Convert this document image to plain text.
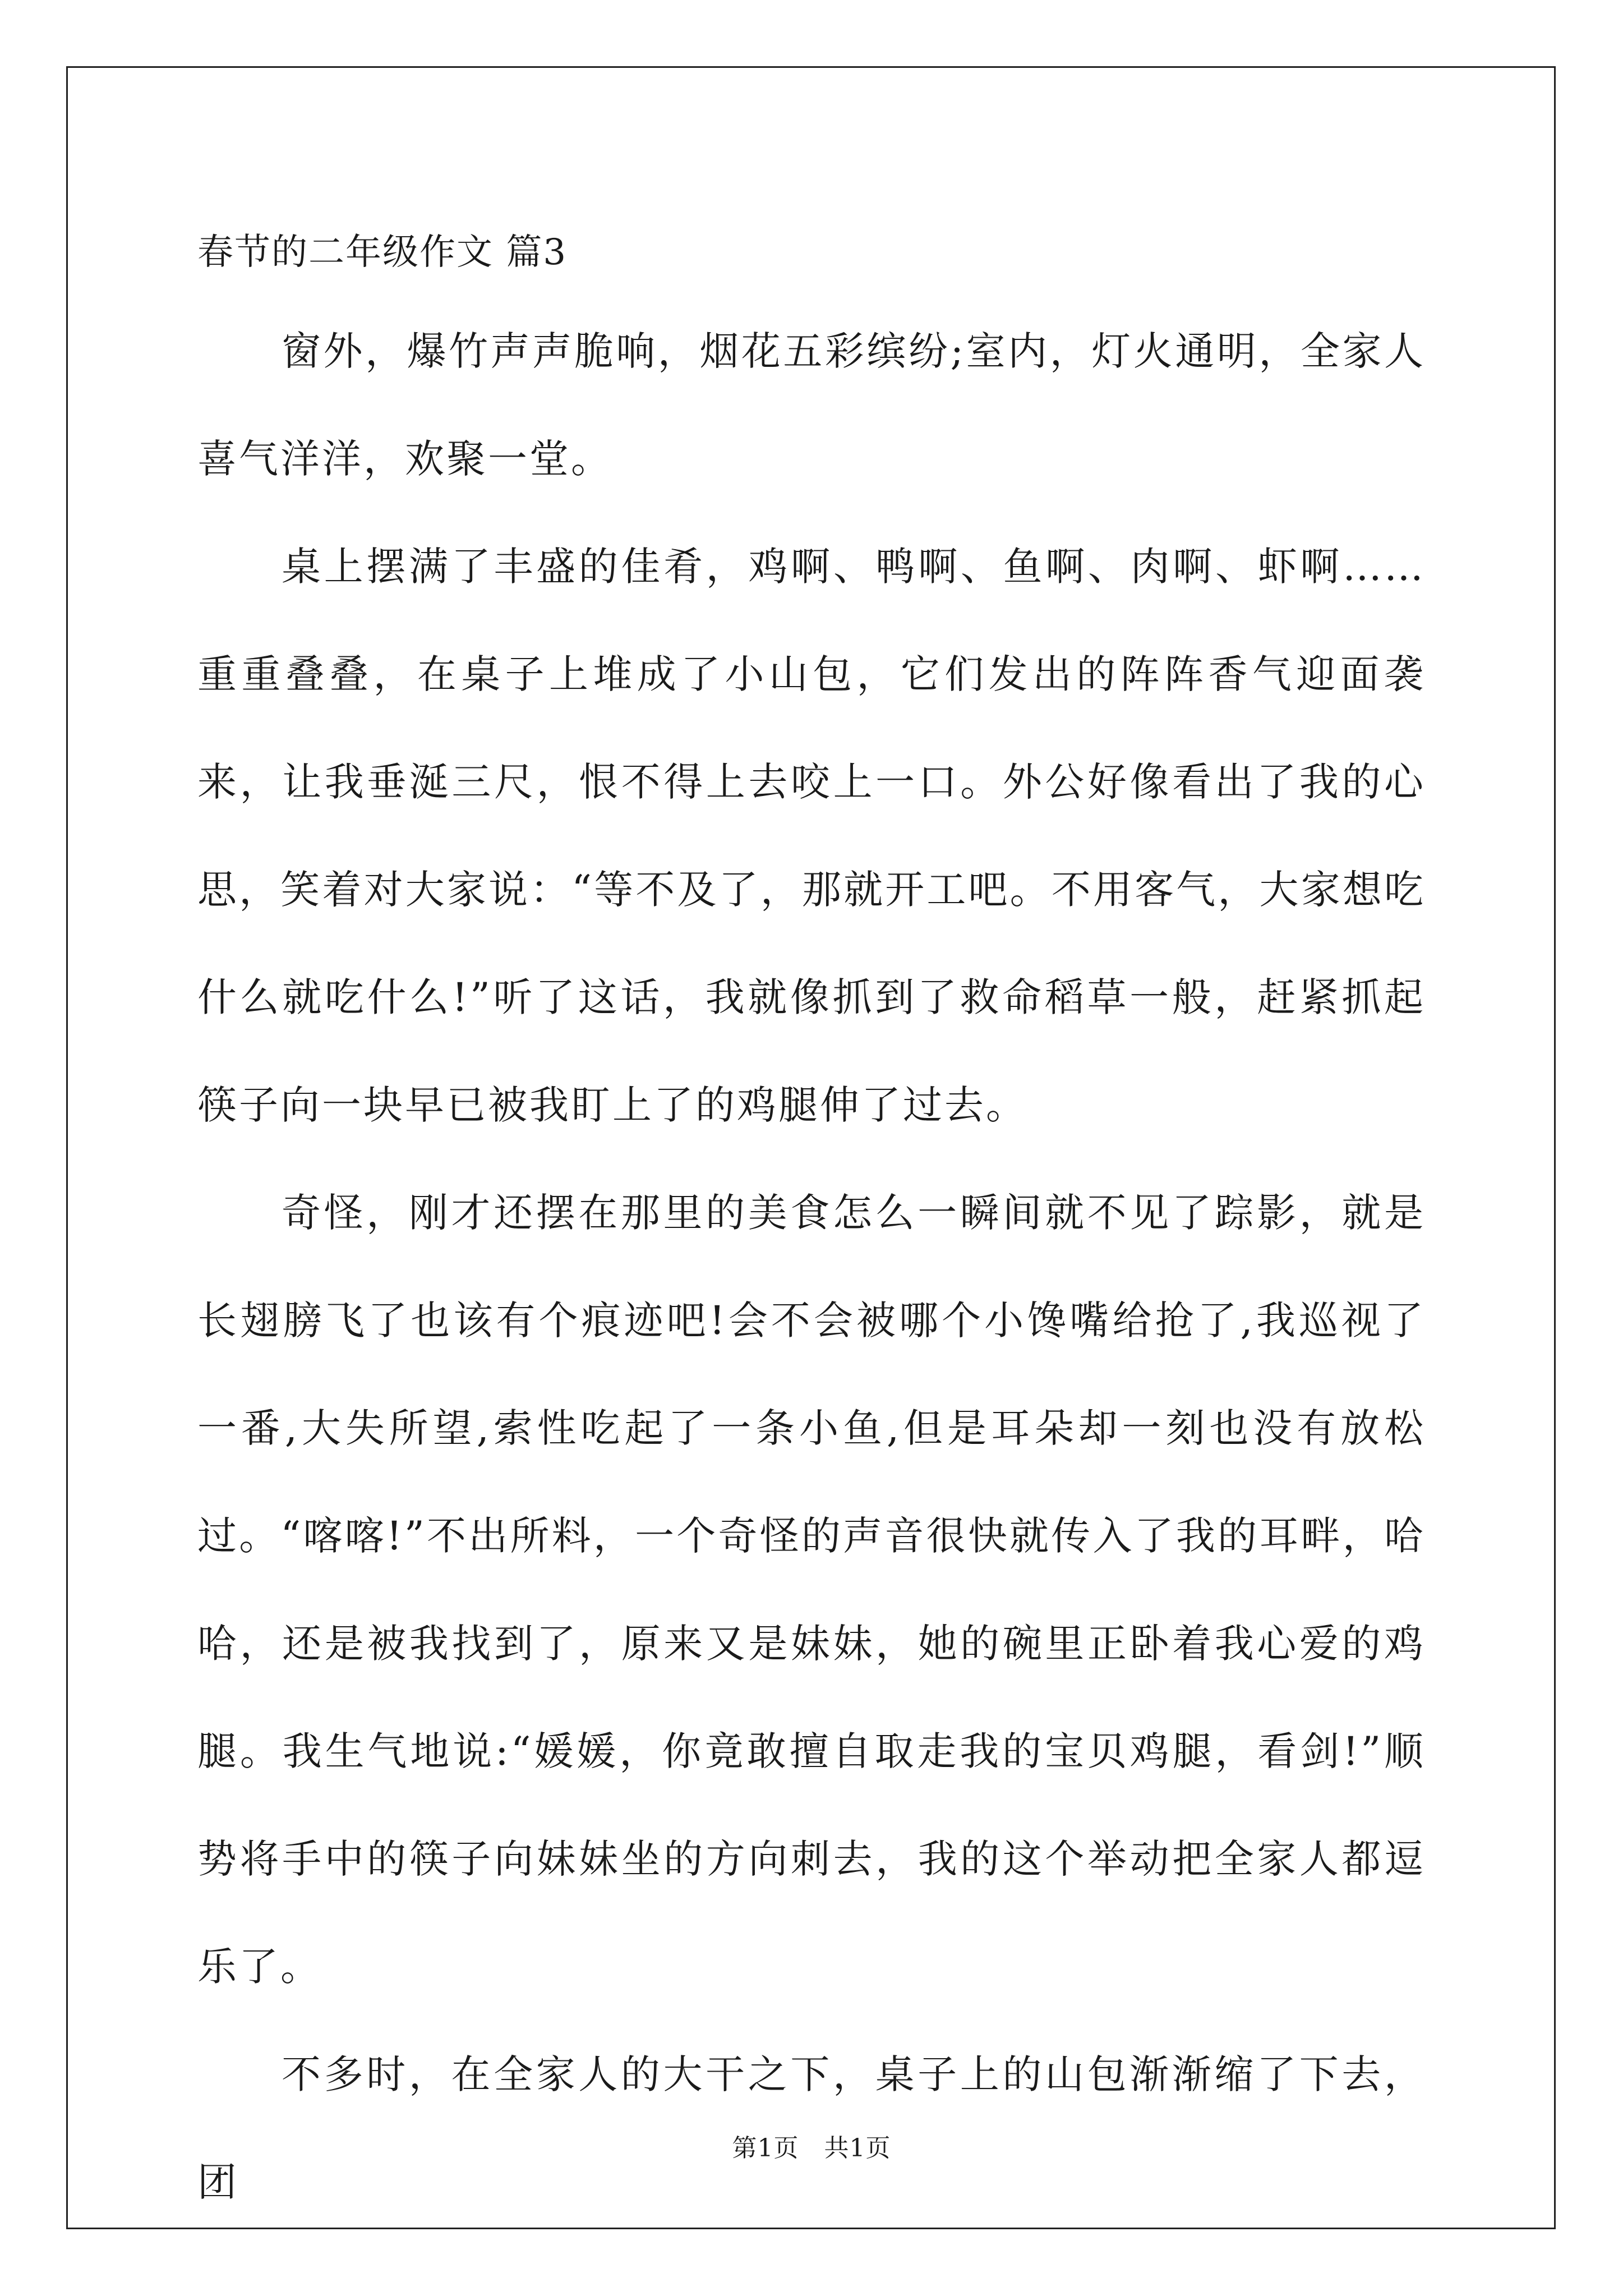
春节的二年级作文 篇3

窗外，爆竹声声脆响，烟花五彩缤纷;室内，灯火通明，全家人喜气洋洋，欢聚一堂。

桌上摆满了丰盛的佳肴，鸡啊、鸭啊、鱼啊、肉啊、虾啊……重重叠叠，在桌子上堆成了小山包，它们发出的阵阵香气迎面袭来，让我垂涎三尺，恨不得上去咬上一口。外公好像看出了我的心思，笑着对大家说：“等不及了，那就开工吧。不用客气，大家想吃什么就吃什么!”听了这话，我就像抓到了救命稻草一般，赶紧抓起筷子向一块早已被我盯上了的鸡腿伸了过去。

奇怪，刚才还摆在那里的美食怎么一瞬间就不见了踪影，就是长翅膀飞了也该有个痕迹吧!会不会被哪个小馋嘴给抢了,我巡视了一番,大失所望,索性吃起了一条小鱼,但是耳朵却一刻也没有放松过。“喀喀!”不出所料，一个奇怪的声音很快就传入了我的耳畔，哈哈，还是被我找到了，原来又是妹妹，她的碗里正卧着我心爱的鸡腿。我生气地说:“媛媛，你竟敢擅自取走我的宝贝鸡腿，看剑!”顺势将手中的筷子向妹妹坐的方向刺去，我的这个举动把全家人都逗乐了。

不多时，在全家人的大干之下，桌子上的山包渐渐缩了下去，团

第1页　共1页
